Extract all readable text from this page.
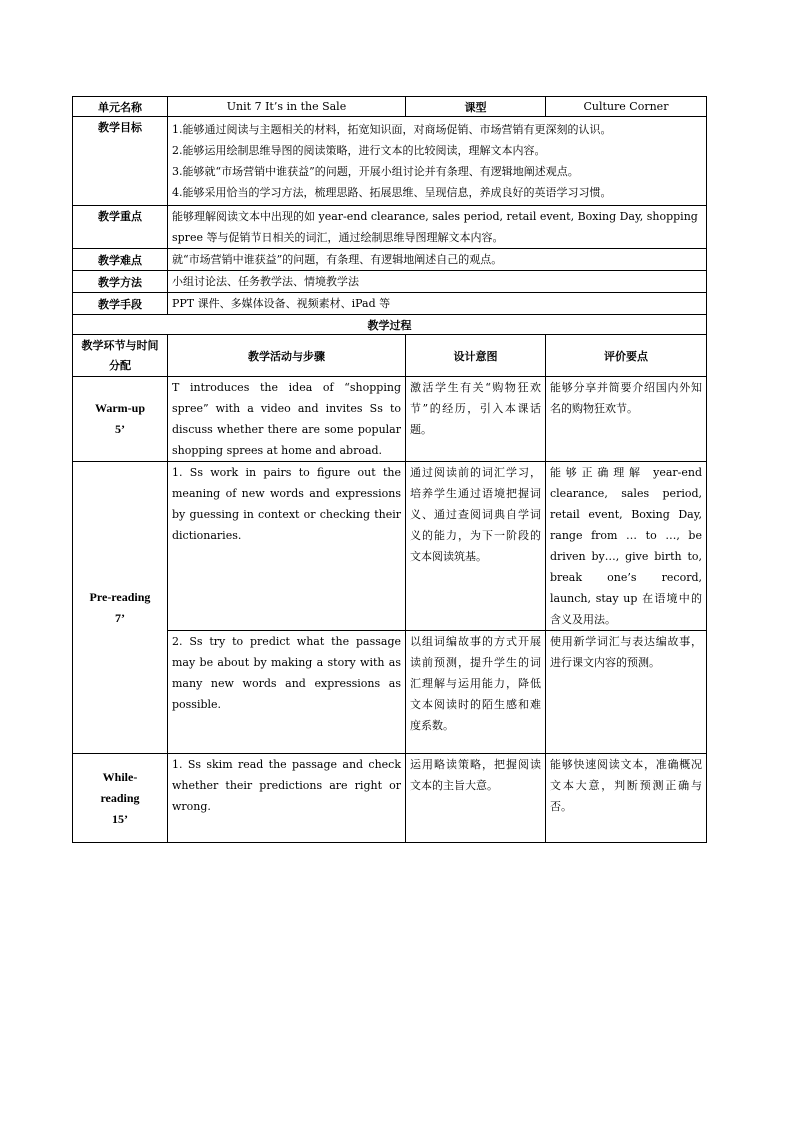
单元名称	Unit 7 It’s in the Sale	课型	Culture Corner
教学目标	1.能够通过阅读与主题相关的材料，拓宽知识面，对商场促销、市场营销有更深刻的认识。

2.能够运用绘制思维导图的阅读策略，进行文本的比较阅读，理解文本内容。

3.能够就“市场营销中谁获益”的问题，开展小组讨论并有条理、有逻辑地阐述观点。

4.能够采用恰当的学习方法，梳理思路、拓展思维、呈现信息，养成良好的英语学习习惯。		

教学重点	能够理解阅读文本中出现的如 year-end clearance, sales period, retail event, Boxing Day, shopping spree 等与促销节日相关的词汇，通过绘制思维导图理解文本内容。		
教学难点	就“市场营销中谁获益”的问题，有条理、有逻辑地阐述自己的观点。		
教学方法	小组讨论法、任务教学法、情境教学法		
教学手段	PPT 课件、多媒体设备、视频素材、iPad 等		
教学过程			
教学环节与时间分配	教学活动与步骤	设计意图	评价要点

Warm-up
5’	T introduces the idea of “shopping spree” with a video and invites Ss to discuss whether there are some popular shopping sprees at home and abroad.	激活学生有关“购物狂欢节”的经历，引入本课话题。	能够分享并简要介绍国内外知名的购物狂欢节。

Pre-reading
7’	1. Ss work in pairs to figure out the meaning of new words and expressions by guessing in context or checking their dictionaries.	通过阅读前的词汇学习，培养学生通过语境把握词义、通过查阅词典自学词义的能力，为下一阶段的文本阅读筑基。	能够正确理解 year-end clearance, sales period, retail event, Boxing Day, range from … to …, be driven by…, give birth to, break one’s record, launch, stay up 在语境中的含义及用法。
	2. Ss try to predict what the passage may be about by making a story with as many new words and expressions as possible.	以组词编故事的方式开展读前预测，提升学生的词汇理解与运用能力，降低文本阅读时的陌生感和难度系数。	使用新学词汇与表达编故事，进行课文内容的预测。

While-
reading
15’	1. Ss skim read the passage and check whether their predictions are right or wrong.	运用略读策略，把握阅读文本的主旨大意。	能够快速阅读文本，准确概况文本大意，判断预测正确与否。
